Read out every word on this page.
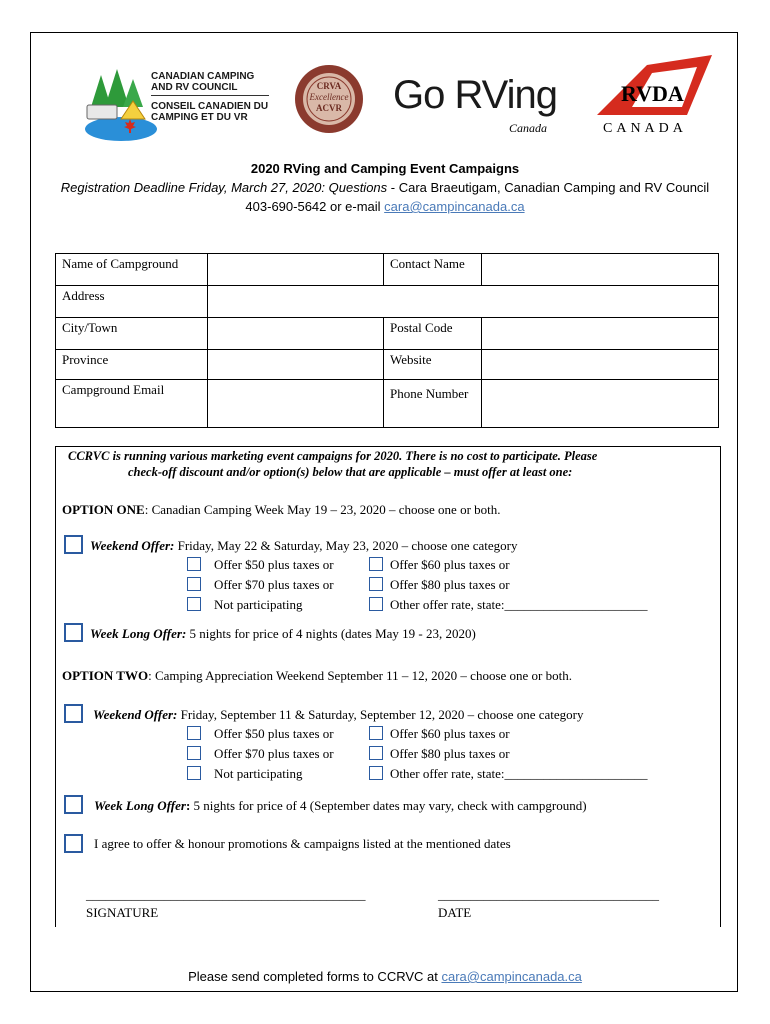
CANADIAN CAMPING
AND RV COUNCIL
CONSEIL CANADIEN DU
CAMPING ET DU VR
CRVA
Excellence
ACVR	Go RVing
Canada
RVDA
CANADA
2020 RVing and Camping Event Campaigns
Registration Deadline Friday, March 27, 2020: Questions - Cara Braeutigam, Canadian Camping and RV Council
403-690-5642 or e-mail cara@campincanada.ca
Name of Campground		Contact Name	
Address			
City/Town		Postal Code	
Province		Website	
Campground Email		Phone Number	
CCRVC is running various marketing event campaigns for 2020. There is no cost to participate. Please
check-off discount and/or option(s) below that are applicable – must offer at least one:
OPTION ONE: Canadian Camping Week May 19 – 23, 2020 – choose one or both.
Weekend Offer: Friday, May 22 & Saturday, May 23, 2020 – choose one category
Offer $50 plus taxes or	Offer $60 plus taxes or
Offer $70 plus taxes or	Offer $80 plus taxes or
Not participating	Other offer rate, state:______________________
Week Long Offer: 5 nights for price of 4 nights (dates May 19 - 23, 2020)
OPTION TWO: Camping Appreciation Weekend September 11 – 12, 2020 – choose one or both.
Weekend Offer: Friday, September 11 & Saturday, September 12, 2020 – choose one category
Offer $50 plus taxes or	Offer $60 plus taxes or
Offer $70 plus taxes or	Offer $80 plus taxes or
Not participating	Other offer rate, state:______________________
Week Long Offer: 5 nights for price of 4 (September dates may vary, check with campground)
I agree to offer & honour promotions & campaigns listed at the mentioned dates
___________________________________________	__________________________________
SIGNATURE	DATE
Please send completed forms to CCRVC at cara@campincanada.ca
